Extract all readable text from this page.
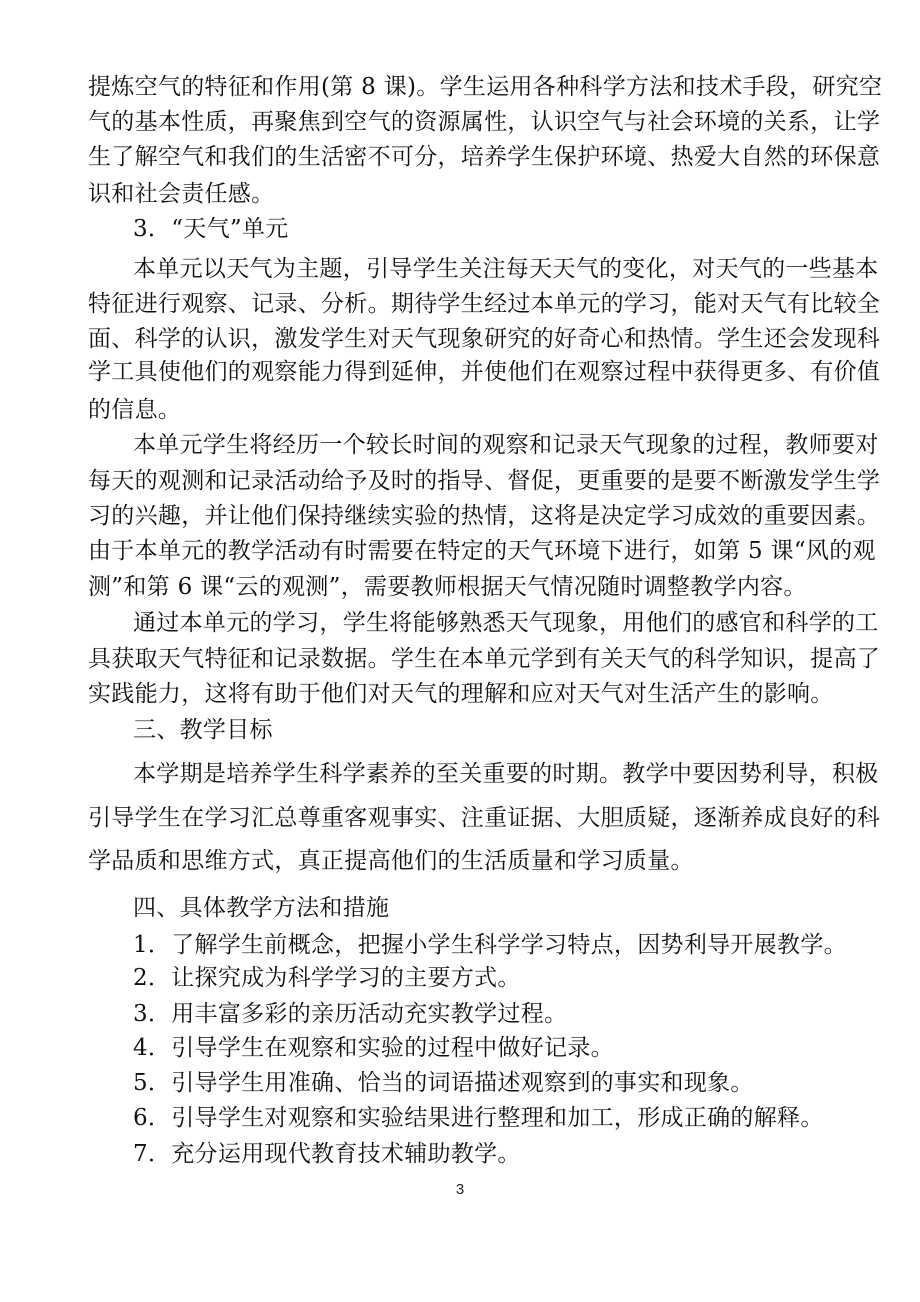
提炼空气的特征和作用(第 8 课)。学生运用各种科学方法和技术手段，研究空
气的基本性质，再聚焦到空气的资源属性，认识空气与社会环境的关系，让学
生了解空气和我们的生活密不可分，培养学生保护环境、热爱大自然的环保意
识和社会责任感。
3．“天气”单元
本单元以天气为主题，引导学生关注每天天气的变化，对天气的一些基本
特征进行观察、记录、分析。期待学生经过本单元的学习，能对天气有比较全
面、科学的认识，激发学生对天气现象研究的好奇心和热情。学生还会发现科
学工具使他们的观察能力得到延伸，并使他们在观察过程中获得更多、有价值
的信息。
本单元学生将经历一个较长时间的观察和记录天气现象的过程，教师要对
每天的观测和记录活动给予及时的指导、督促，更重要的是要不断激发学生学
习的兴趣，并让他们保持继续实验的热情，这将是决定学习成效的重要因素。
由于本单元的教学活动有时需要在特定的天气环境下进行，如第 5 课“风的观
测”和第 6 课“云的观测”，需要教师根据天气情况随时调整教学内容。
通过本单元的学习，学生将能够熟悉天气现象，用他们的感官和科学的工
具获取天气特征和记录数据。学生在本单元学到有关天气的科学知识，提高了
实践能力，这将有助于他们对天气的理解和应对天气对生活产生的影响。
三、教学目标
本学期是培养学生科学素养的至关重要的时期。教学中要因势利导，积极
引导学生在学习汇总尊重客观事实、注重证据、大胆质疑，逐渐养成良好的科
学品质和思维方式，真正提高他们的生活质量和学习质量。
四、具体教学方法和措施
1．了解学生前概念，把握小学生科学学习特点，因势利导开展教学。
2．让探究成为科学学习的主要方式。
3．用丰富多彩的亲历活动充实教学过程。
4．引导学生在观察和实验的过程中做好记录。
5．引导学生用准确、恰当的词语描述观察到的事实和现象。
6．引导学生对观察和实验结果进行整理和加工，形成正确的解释。
7．充分运用现代教育技术辅助教学。
3
